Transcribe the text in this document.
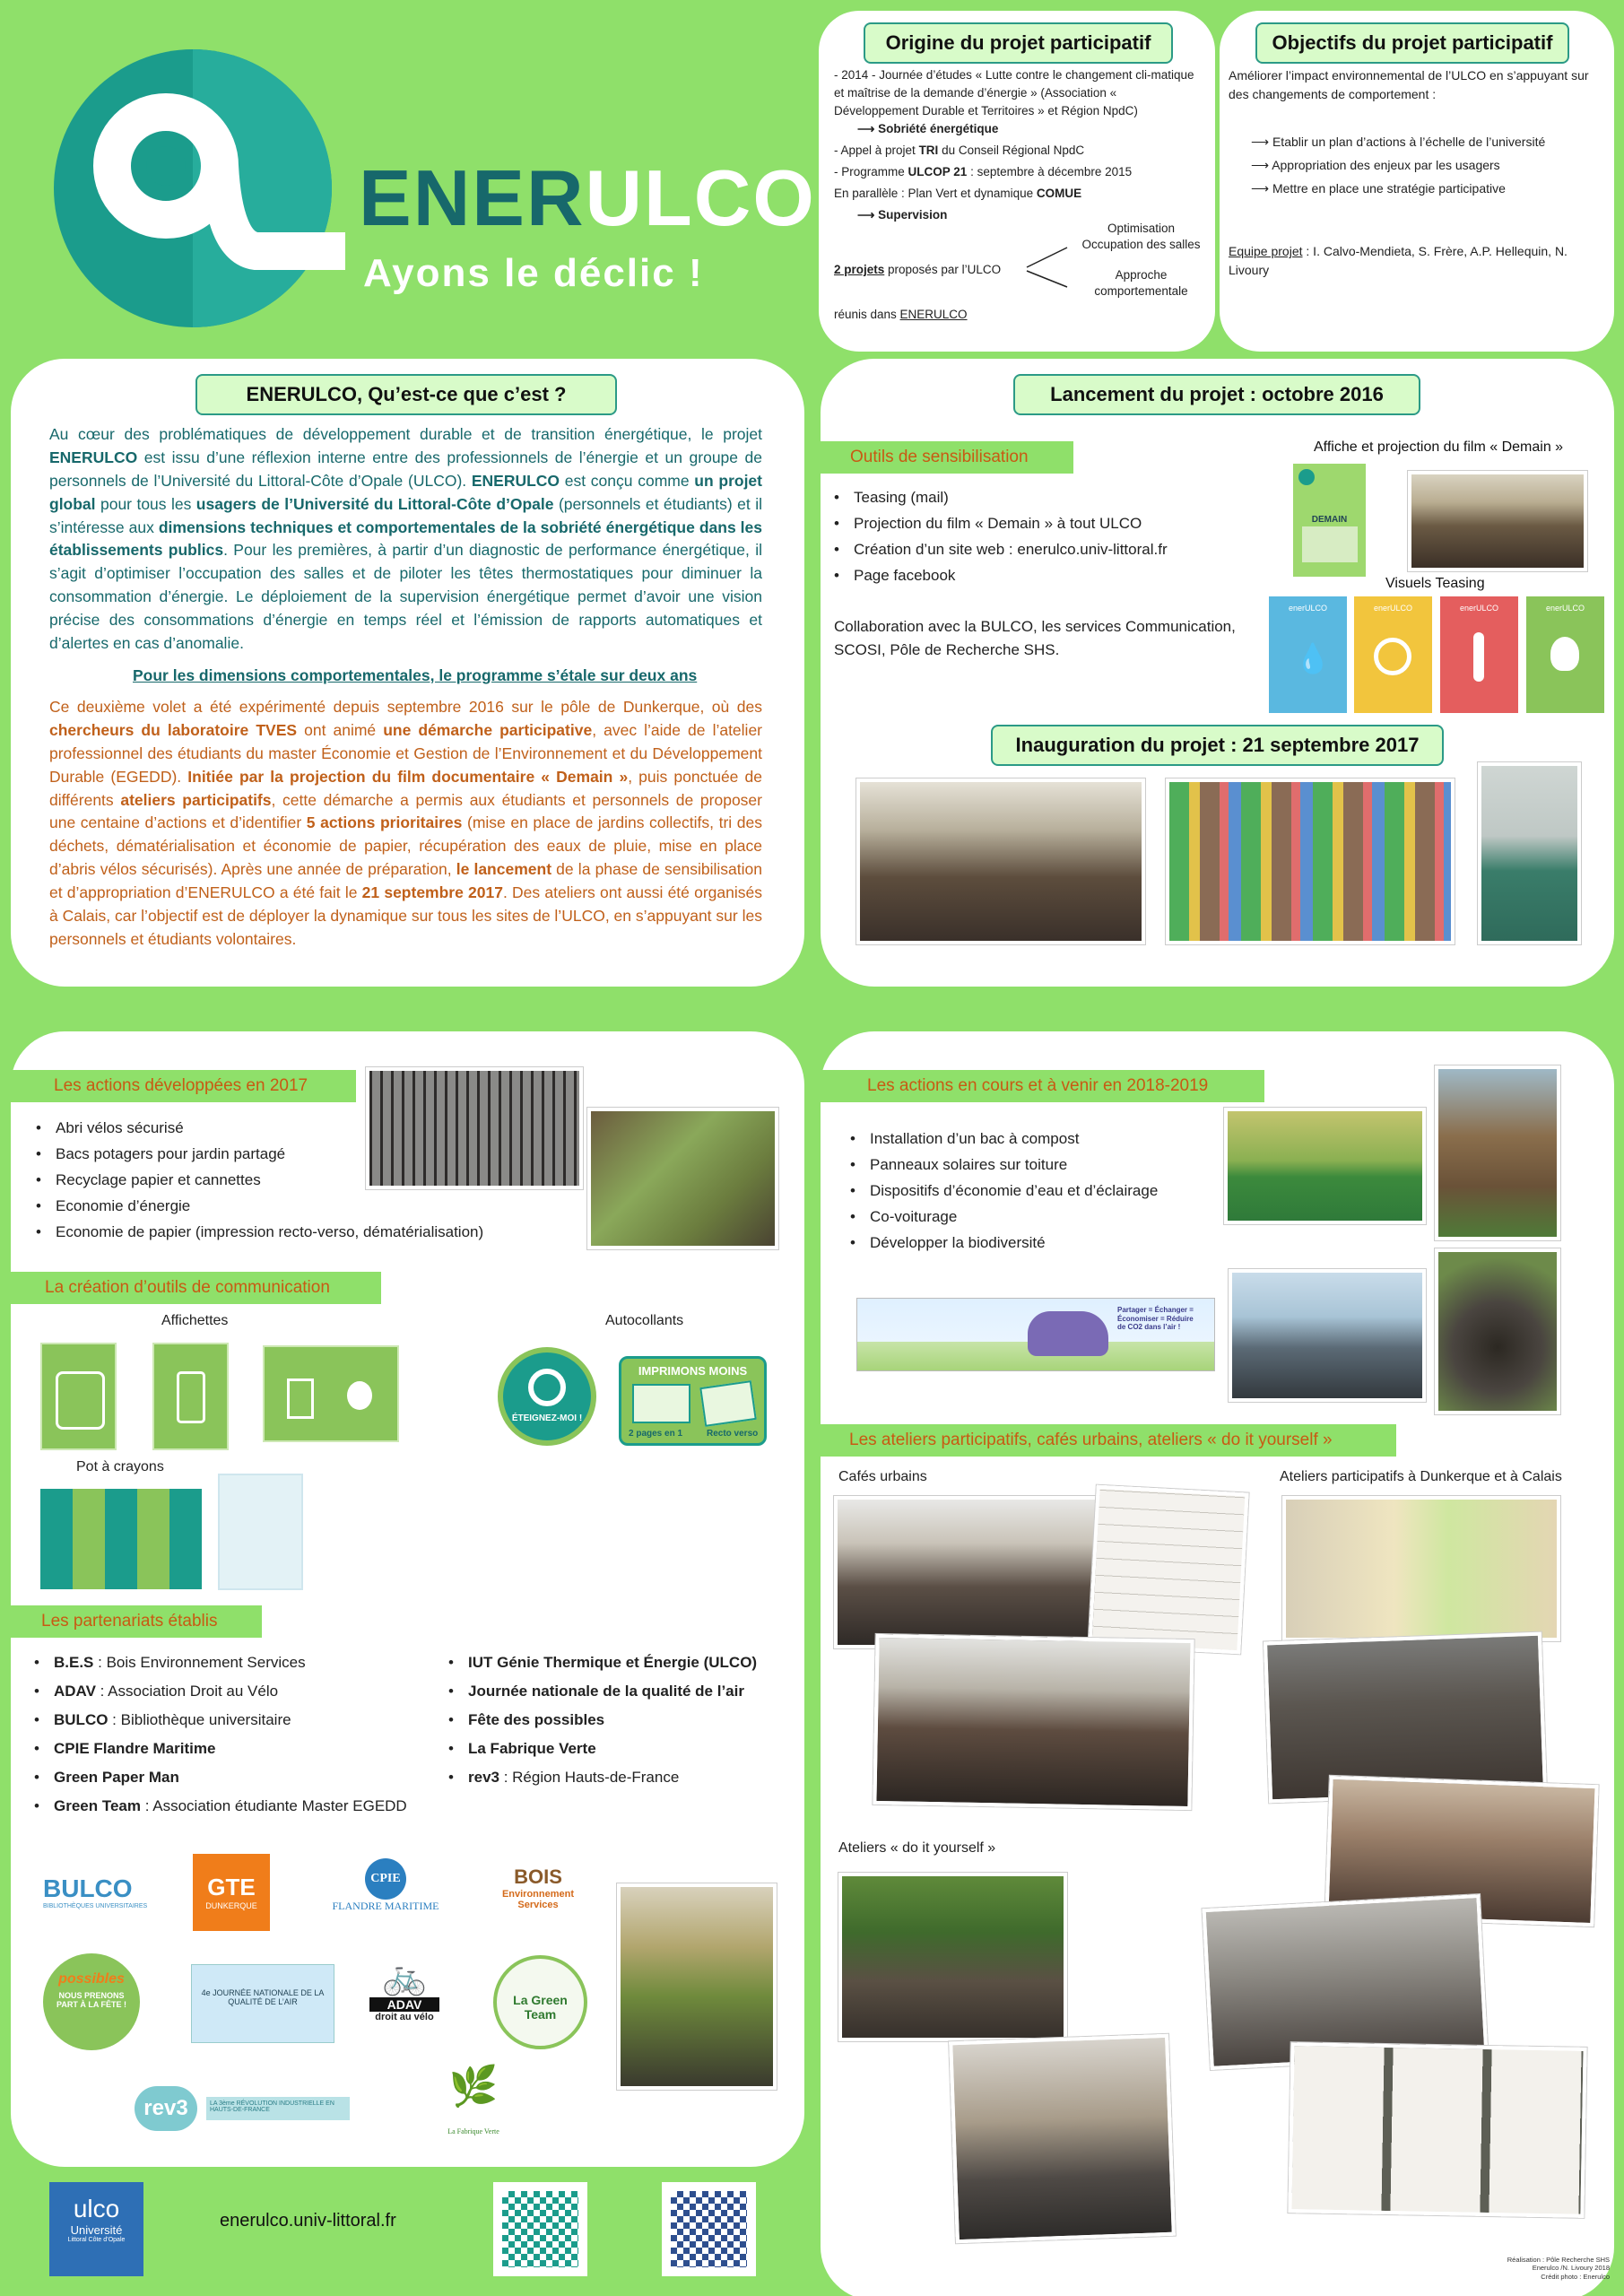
ENERULCO
Ayons le déclic !
Origine du projet participatif
- 2014 - Journée d’études « Lutte contre le changement cli-matique et maîtrise de la demande d’énergie » (Association « Développement Durable et Territoires » et Région NpdC)
⟶ Sobriété énergétique
- Appel à projet TRI du Conseil Régional NpdC
- Programme ULCOP 21 : septembre à décembre 2015
En parallèle : Plan Vert et dynamique COMUE
⟶ Supervision
Optimisation
Occupation des salles
2 projets proposés par l’ULCO	Approche
comportementale
réunis dans ENERULCO
Objectifs du projet participatif
Améliorer l’impact environnemental de l’ULCO en s’appuyant sur des changements de comportement :
⟶ Etablir un plan d’actions à l’échelle de l’université
⟶ Appropriation des enjeux par les usagers
⟶ Mettre en place une stratégie participative
Equipe projet : I. Calvo-Mendieta, S. Frère, A.P. Hellequin, N. Livoury
ENERULCO, Qu’est-ce que c’est ?
Au cœur des problématiques de développement durable et de transition énergétique, le projet ENERULCO est issu d’une réflexion interne entre des professionnels de l’énergie et un groupe de personnels de l’Université du Littoral-Côte d’Opale (ULCO). ENERULCO est conçu comme un projet global pour tous les usagers de l’Université du Littoral-Côte d’Opale (personnels et étudiants) et il s’intéresse aux dimensions techniques et comportementales de la sobriété énergétique dans les établissements publics. Pour les premières, à partir d’un diagnostic de performance énergétique, il s’agit d’optimiser l’occupation des salles et de piloter les têtes thermostatiques pour diminuer la consommation d’énergie. Le déploiement de la supervision énergétique permet d’avoir une vision précise des consommations d’énergie en temps réel et l’émission de rapports automatiques et d’alertes en cas d’anomalie.
Pour les dimensions comportementales, le programme s’étale sur deux ans
Ce deuxième volet a été expérimenté depuis septembre 2016 sur le pôle de Dunkerque, où des chercheurs du laboratoire TVES ont animé une démarche participative, avec l’aide de l’atelier professionnel des étudiants du master Économie et Gestion de l’Environnement et du Développement Durable (EGEDD). Initiée par la projection du film documentaire « Demain », puis ponctuée de différents ateliers participatifs, cette démarche a permis aux étudiants et personnels de proposer une centaine d’actions et d’identifier 5 actions prioritaires (mise en place de jardins collectifs, tri des déchets, dématérialisation et économie de papier, récupération des eaux de pluie, mise en place d’abris vélos sécurisés). Après une année de préparation, le lancement de la phase de sensibilisation et d’appropriation d’ENERULCO a été fait le 21 septembre 2017. Des ateliers ont aussi été organisés à Calais, car l’objectif est de déployer la dynamique sur tous les sites de l’ULCO, en s’appuyant sur les personnels et étudiants volontaires.
Lancement du projet : octobre 2016
Outils de sensibilisation
• Teasing (mail)
• Projection du film « Demain » à tout ULCO
• Création d’un site web : enerulco.univ-littoral.fr
• Page facebook
Collaboration avec la BULCO, les services Communication, SCOSI, Pôle de Recherche SHS.
Affiche et projection du film « Demain »
DEMAIN
Visuels Teasing
enerULCO
💧
enerULCO	enerULCO	enerULCO
Inauguration du projet : 21 septembre 2017
Les actions développées en 2017
• Abri vélos sécurisé
• Bacs potagers pour jardin partagé
• Recyclage papier et cannettes
• Economie d’énergie
• Economie de papier (impression recto-verso, dématérialisation)
La création d’outils de communication
Affichettes	Autocollants
ÉTEIGNEZ-MOI !
IMPRIMONS MOINS
2 pages en 1	Recto verso
Pot à crayons
Les partenariats établis
• B.E.S : Bois Environnement Services
• ADAV : Association Droit au Vélo
• BULCO : Bibliothèque universitaire
• CPIE Flandre Maritime
• Green Paper Man
• Green Team : Association étudiante Master EGEDD
• IUT Génie Thermique et Énergie (ULCO)
• Journée nationale de la qualité de l’air
• Fête des possibles
• La Fabrique Verte
• rev3 : Région Hauts-de-France
BULCO
BIBLIOTHÈQUES UNIVERSITAIRES
GTE
DUNKERQUE
CPIE
FLANDRE MARITIME
BOIS
Environnement Services
possibles
NOUS PRENONS PART À LA FÊTE !
4e JOURNÉE NATIONALE DE LA QUALITÉ DE L’AIR
🚲
ADAV
droit au vélo
La Green Team
rev3	LA 3ème RÉVOLUTION INDUSTRIELLE EN HAUTS-DE-FRANCE
🌿
La Fabrique Verte
Les actions en cours et à venir en 2018-2019
• Installation d’un bac à compost
• Panneaux solaires sur toiture
• Dispositifs d’économie d’eau et d’éclairage
• Co-voiturage
• Développer la biodiversité
Partager = Échanger = Économiser = Réduire de CO2 dans l’air !
Les ateliers participatifs, cafés urbains, ateliers « do it yourself »
Cafés urbains	Ateliers participatifs à Dunkerque et à Calais
Ateliers « do it yourself »
ulco
Université
Littoral Côte d’Opale
enerulco.univ-littoral.fr
Réalisation : Pôle Recherche SHS
Enerulco /N. Livoury 2018
Crédit photo : Enerulco
